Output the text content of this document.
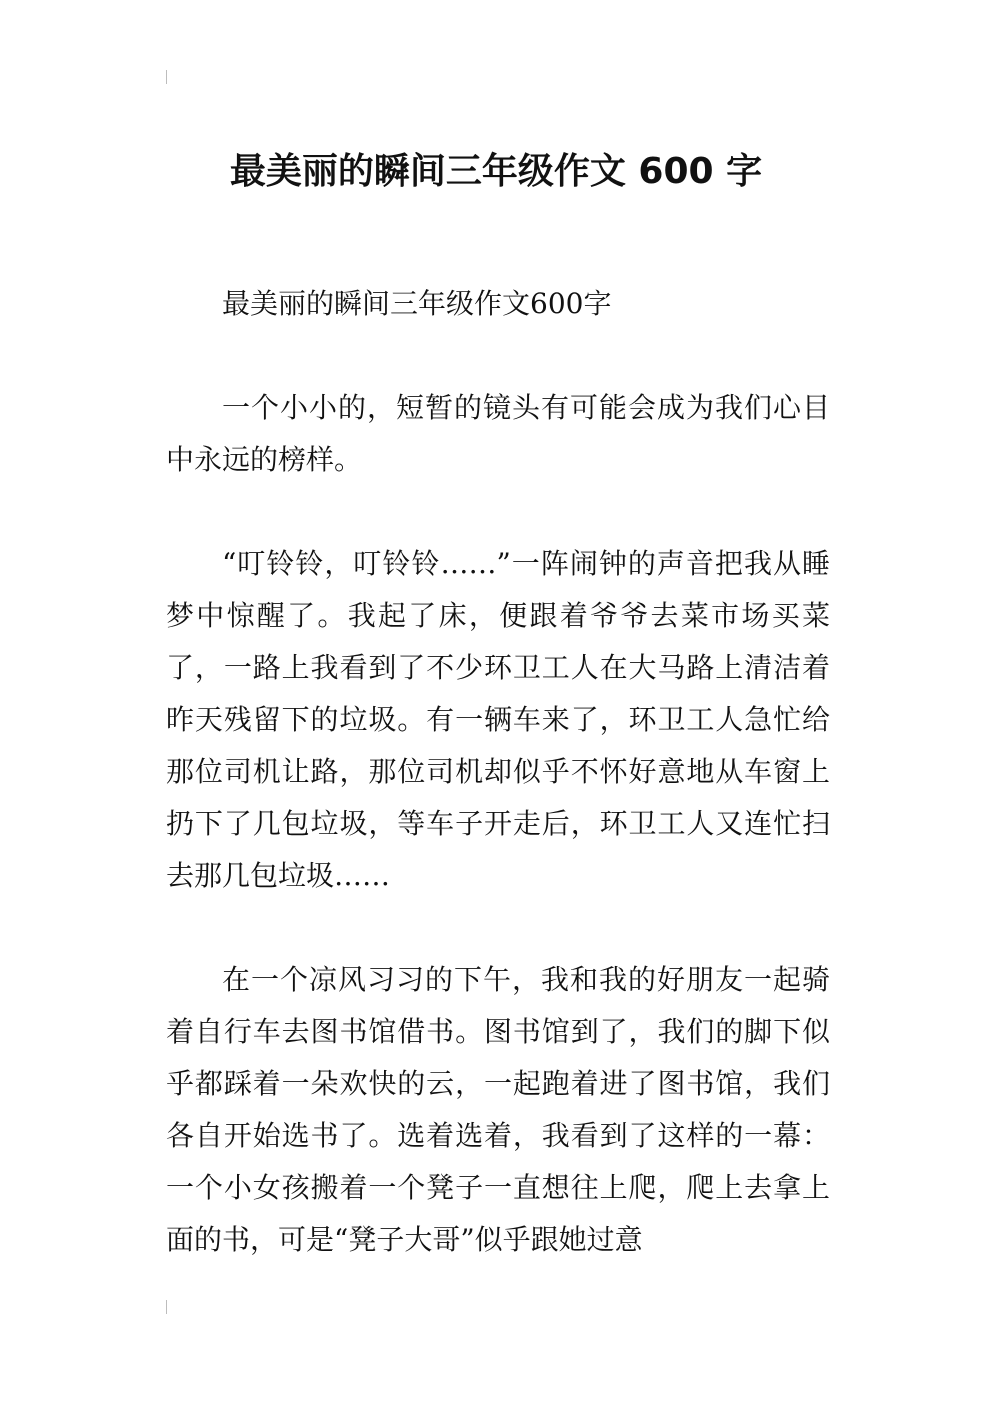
最美丽的瞬间三年级作文 600 字

最美丽的瞬间三年级作文600字

一个小小的，短暂的镜头有可能会成为我们心目中永远的榜样。

“叮铃铃，叮铃铃……”一阵闹钟的声音把我从睡梦中惊醒了。我起了床，便跟着爷爷去菜市场买菜了，一路上我看到了不少环卫工人在大马路上清洁着昨天残留下的垃圾。有一辆车来了，环卫工人急忙给那位司机让路，那位司机却似乎不怀好意地从车窗上扔下了几包垃圾，等车子开走后，环卫工人又连忙扫去那几包垃圾……

在一个凉风习习的下午，我和我的好朋友一起骑着自行车去图书馆借书。图书馆到了，我们的脚下似乎都踩着一朵欢快的云，一起跑着进了图书馆，我们各自开始选书了。选着选着，我看到了这样的一幕：一个小女孩搬着一个凳子一直想往上爬，爬上去拿上面的书，可是“凳子大哥”似乎跟她过意
